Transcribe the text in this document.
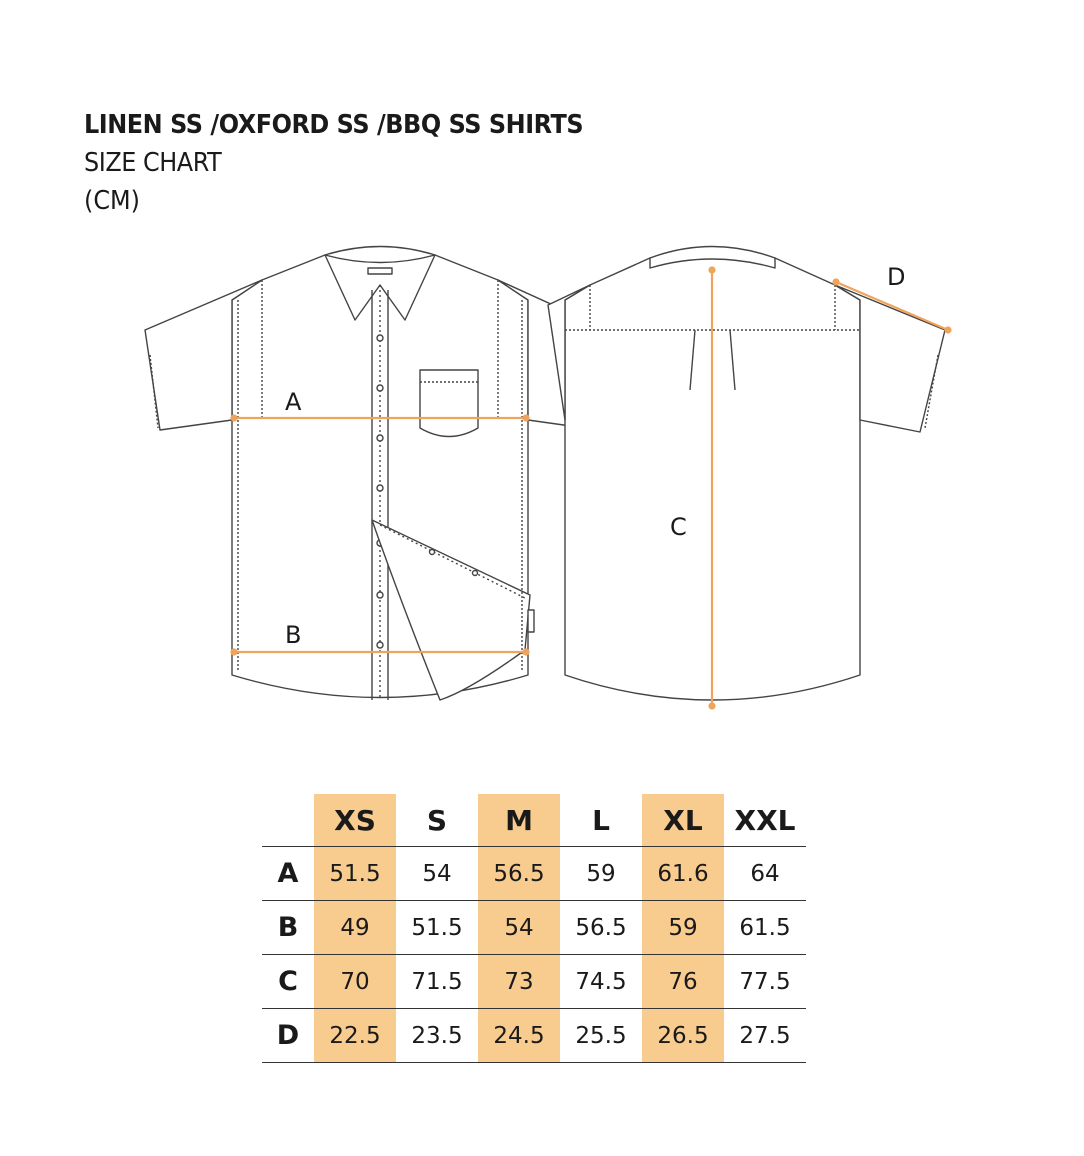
LINEN SS /OXFORD SS /BBQ SS SHIRTS
SIZE CHART
(CM)
A
B
C
D
	XS	S	M	L	XL	XXL
A	51.5	54	56.5	59	61.6	64
B	49	51.5	54	56.5	59	61.5
C	70	71.5	73	74.5	76	77.5
D	22.5	23.5	24.5	25.5	26.5	27.5
